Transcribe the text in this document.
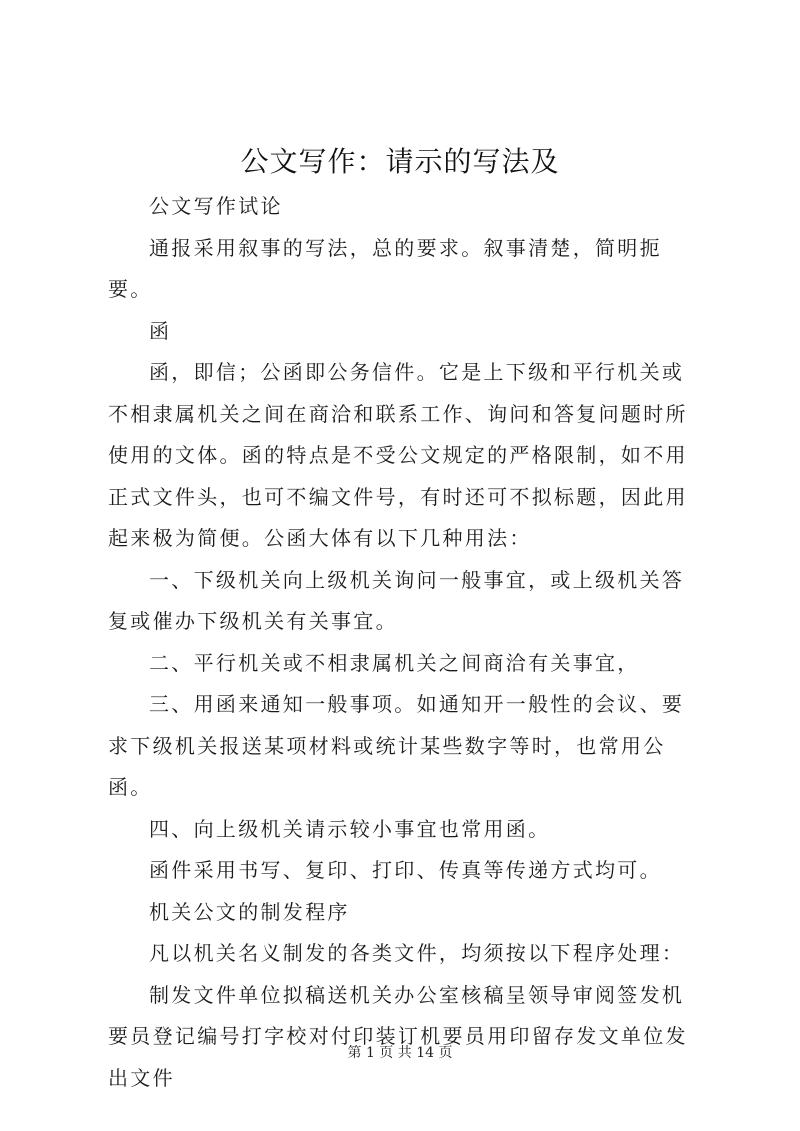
公文写作：请示的写法及

公文写作试论

通报采用叙事的写法，总的要求。叙事清楚，简明扼要。

函

函，即信；公函即公务信件。它是上下级和平行机关或不相隶属机关之间在商洽和联系工作、询问和答复问题时所使用的文体。函的特点是不受公文规定的严格限制，如不用正式文件头，也可不编文件号，有时还可不拟标题，因此用起来极为简便。公函大体有以下几种用法：

一、下级机关向上级机关询问一般事宜，或上级机关答复或催办下级机关有关事宜。

二、平行机关或不相隶属机关之间商洽有关事宜，

三、用函来通知一般事项。如通知开一般性的会议、要求下级机关报送某项材料或统计某些数字等时，也常用公函。

四、向上级机关请示较小事宜也常用函。

函件采用书写、复印、打印、传真等传递方式均可。

机关公文的制发程序

凡以机关名义制发的各类文件，均须按以下程序处理：

制发文件单位拟稿送机关办公室核稿呈领导审阅签发机要员登记编号打字校对付印装订机要员用印留存发文单位发出文件

第 1 页 共 14 页
